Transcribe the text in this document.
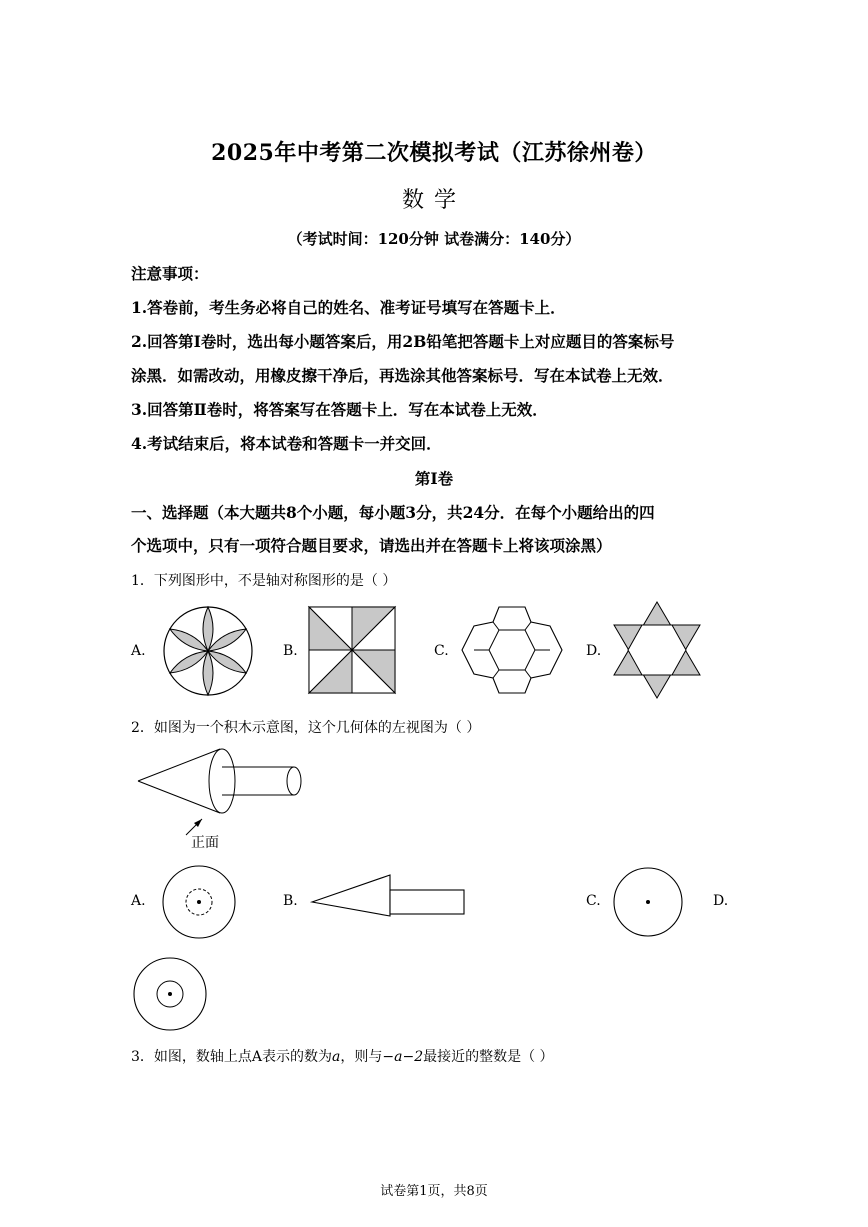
2025年中考第二次模拟考试（江苏徐州卷）
数学
（考试时间：120分钟 试卷满分：140分）
注意事项：
1.答卷前，考生务必将自己的姓名、准考证号填写在答题卡上．
2.回答第Ⅰ卷时，选出每小题答案后，用2B铅笔把答题卡上对应题目的答案标号
涂黑．如需改动，用橡皮擦干净后，再选涂其他答案标号．写在本试卷上无效．
3.回答第Ⅱ卷时，将答案写在答题卡上．写在本试卷上无效．
4.考试结束后，将本试卷和答题卡一并交回．
第Ⅰ卷
一、选择题（本大题共8个小题，每小题3分，共24分．在每个小题给出的四
个选项中，只有一项符合题目要求，请选出并在答题卡上将该项涂黑）
1．下列图形中，不是轴对称图形的是（ ）
A.	B.	C.	D.
2．如图为一个积木示意图，这个几何体的左视图为（ ）
正面
A.	B.	C.	D.
3．如图，数轴上点A表示的数为a，则与−a−2最接近的整数是（ ）
试卷第1页，共8页
